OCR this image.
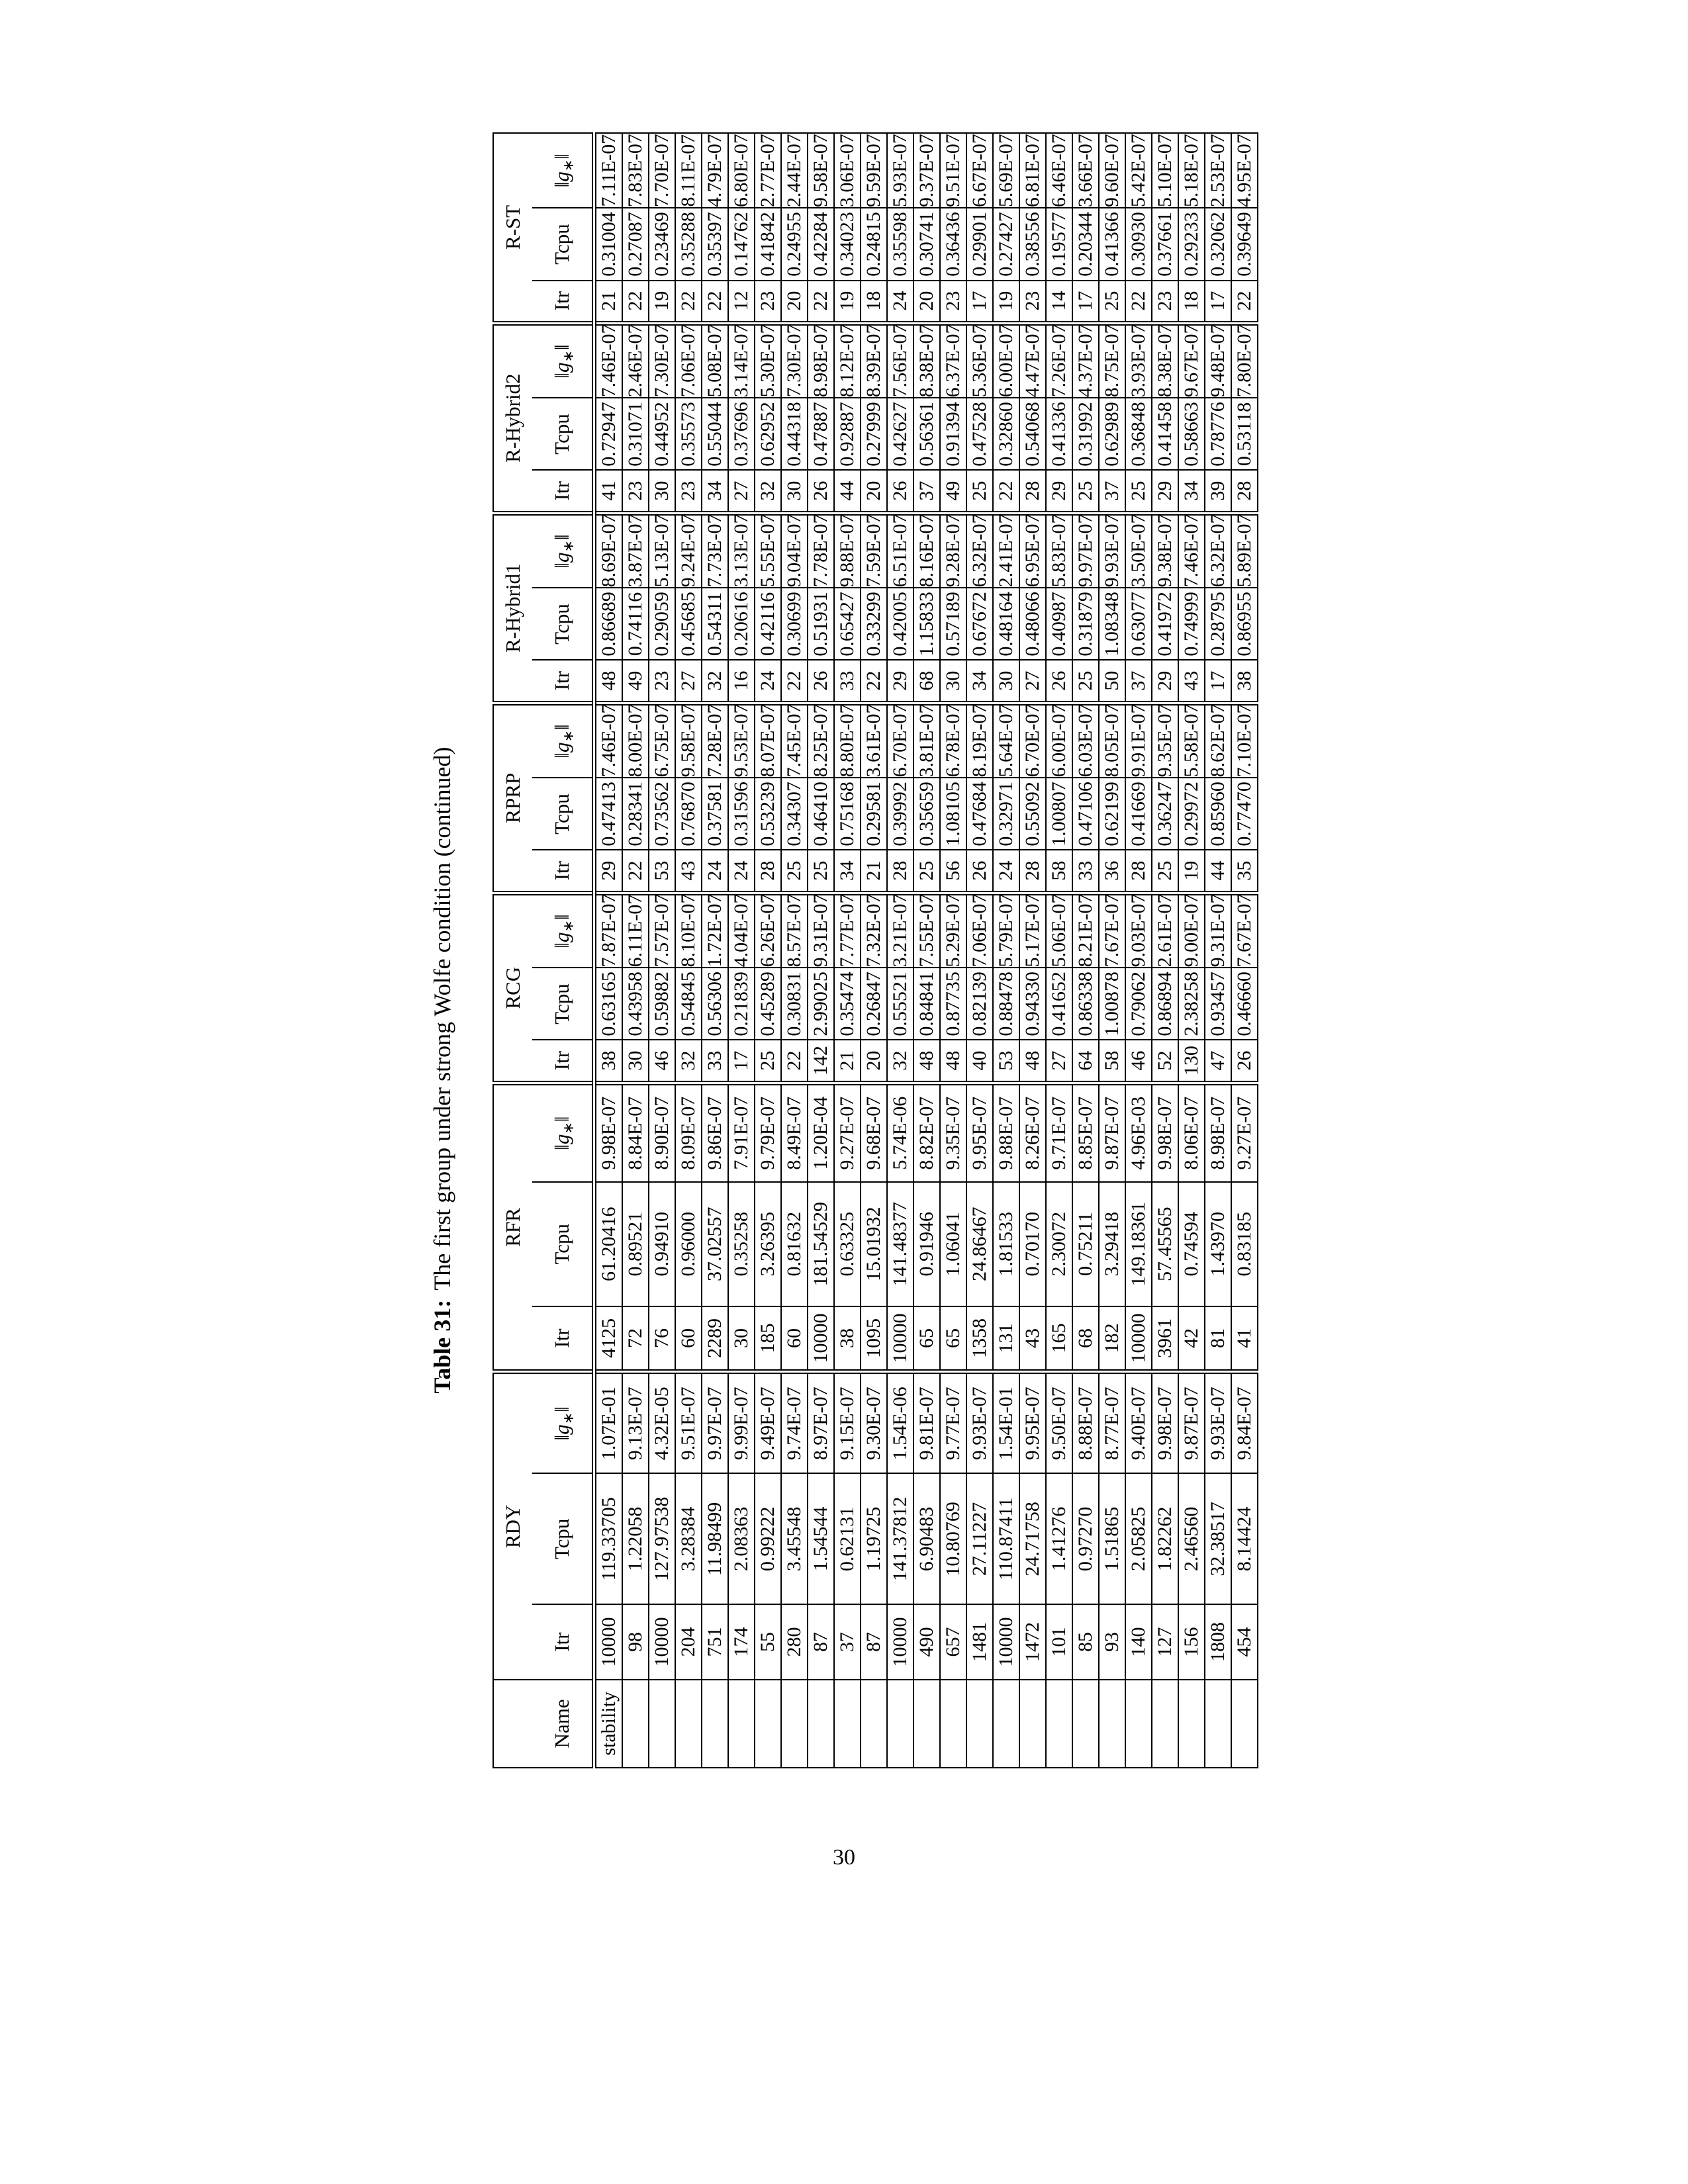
Table 31:
The first group under strong Wolfe condition (continued)
	RDY			RFR			RCG			RPRP			R-Hybrid1			R-Hybrid2			R-ST		
Name	Itr	Tcpu	$‖g_∗‖$	Itr	Tcpu	$‖g_∗‖$	Itr	Tcpu	$‖g_∗‖$	Itr	Tcpu	$‖g_∗‖$	Itr	Tcpu	$‖g_∗‖$	Itr	Tcpu	$‖g_∗‖$	Itr	Tcpu	$‖g_∗‖$
stability	10000	119.33705	1.07E-01	4125	61.20416	9.98E-07	38	0.63165	7.87E-07	29	0.47413	7.46E-07	48	0.86689	8.69E-07	41	0.72947	7.46E-07	21	0.31004	7.11E-07
	98	1.22058	9.13E-07	72	0.89521	8.84E-07	30	0.43958	6.11E-07	22	0.28341	8.00E-07	49	0.74116	3.87E-07	23	0.31071	2.46E-07	22	0.27087	7.83E-07
	10000	127.97538	4.32E-05	76	0.94910	8.90E-07	46	0.59882	7.57E-07	53	0.73562	6.75E-07	23	0.29059	5.13E-07	30	0.44952	7.30E-07	19	0.23469	7.70E-07
	204	3.28384	9.51E-07	60	0.96000	8.09E-07	32	0.54845	8.10E-07	43	0.76870	9.58E-07	27	0.45685	9.24E-07	23	0.35573	7.06E-07	22	0.35288	8.11E-07
	751	11.98499	9.97E-07	2289	37.02557	9.86E-07	33	0.56306	1.72E-07	24	0.37581	7.28E-07	32	0.54311	7.73E-07	34	0.55044	5.08E-07	22	0.35397	4.79E-07
	174	2.08363	9.99E-07	30	0.35258	7.91E-07	17	0.21839	4.04E-07	24	0.31596	9.53E-07	16	0.20616	3.13E-07	27	0.37696	3.14E-07	12	0.14762	6.80E-07
	55	0.99222	9.49E-07	185	3.26395	9.79E-07	25	0.45289	6.26E-07	28	0.53239	8.07E-07	24	0.42116	5.55E-07	32	0.62952	5.30E-07	23	0.41842	2.77E-07
	280	3.45548	9.74E-07	60	0.81632	8.49E-07	22	0.30831	8.57E-07	25	0.34307	7.45E-07	22	0.30699	9.04E-07	30	0.44318	7.30E-07	20	0.24955	2.44E-07
	87	1.54544	8.97E-07	10000	181.54529	1.20E-04	142	2.99025	9.31E-07	25	0.46410	8.25E-07	26	0.51931	7.78E-07	26	0.47887	8.98E-07	22	0.42284	9.58E-07
	37	0.62131	9.15E-07	38	0.63325	9.27E-07	21	0.35474	7.77E-07	34	0.75168	8.80E-07	33	0.65427	9.88E-07	44	0.92887	8.12E-07	19	0.34023	3.06E-07
	87	1.19725	9.30E-07	1095	15.01932	9.68E-07	20	0.26847	7.32E-07	21	0.29581	3.61E-07	22	0.33299	7.59E-07	20	0.27999	8.39E-07	18	0.24815	9.59E-07
	10000	141.37812	1.54E-06	10000	141.48377	5.74E-06	32	0.55521	3.21E-07	28	0.39992	6.70E-07	29	0.42005	6.51E-07	26	0.42627	7.56E-07	24	0.35598	5.93E-07
	490	6.90483	9.81E-07	65	0.91946	8.82E-07	48	0.84841	7.55E-07	25	0.35659	3.81E-07	68	1.15833	8.16E-07	37	0.56361	8.38E-07	20	0.30741	9.37E-07
	657	10.80769	9.77E-07	65	1.06041	9.35E-07	48	0.87735	5.29E-07	56	1.08105	6.78E-07	30	0.57189	9.28E-07	49	0.91394	6.37E-07	23	0.36436	9.51E-07
	1481	27.11227	9.93E-07	1358	24.86467	9.95E-07	40	0.82139	7.06E-07	26	0.47684	8.19E-07	34	0.67672	6.32E-07	25	0.47528	5.36E-07	17	0.29901	6.67E-07
	10000	110.87411	1.54E-01	131	1.81533	9.88E-07	53	0.88478	5.79E-07	24	0.32971	5.64E-07	30	0.48164	2.41E-07	22	0.32860	6.00E-07	19	0.27427	5.69E-07
	1472	24.71758	9.95E-07	43	0.70170	8.26E-07	48	0.94330	5.17E-07	28	0.55092	6.70E-07	27	0.48066	6.95E-07	28	0.54068	4.47E-07	23	0.38556	6.81E-07
	101	1.41276	9.50E-07	165	2.30072	9.71E-07	27	0.41652	5.06E-07	58	1.00807	6.00E-07	26	0.40987	5.83E-07	29	0.41336	7.26E-07	14	0.19577	6.46E-07
	85	0.97270	8.88E-07	68	0.75211	8.85E-07	64	0.86338	8.21E-07	33	0.47106	6.03E-07	25	0.31879	9.97E-07	25	0.31992	4.37E-07	17	0.20344	3.66E-07
	93	1.51865	8.77E-07	182	3.29418	9.87E-07	58	1.00878	7.67E-07	36	0.62199	8.05E-07	50	1.08348	9.93E-07	37	0.62989	8.75E-07	25	0.41366	9.60E-07
	140	2.05825	9.40E-07	10000	149.18361	4.96E-03	46	0.79062	9.03E-07	28	0.41669	9.91E-07	37	0.63077	3.50E-07	25	0.36848	3.93E-07	22	0.30930	5.42E-07
	127	1.82262	9.98E-07	3961	57.45565	9.98E-07	52	0.86894	2.61E-07	25	0.36247	9.35E-07	29	0.41972	9.38E-07	29	0.41458	8.38E-07	23	0.37661	5.10E-07
	156	2.46560	9.87E-07	42	0.74594	8.06E-07	130	2.38258	9.00E-07	19	0.29972	5.58E-07	43	0.74999	7.46E-07	34	0.58663	9.67E-07	18	0.29233	5.18E-07
	1808	32.38517	9.93E-07	81	1.43970	8.98E-07	47	0.93457	9.31E-07	44	0.85960	8.62E-07	17	0.28795	6.32E-07	39	0.78776	9.48E-07	17	0.32062	2.53E-07
	454	8.14424	9.84E-07	41	0.83185	9.27E-07	26	0.46660	7.67E-07	35	0.77470	7.10E-07	38	0.86955	5.89E-07	28	0.53118	7.80E-07	22	0.39649	4.95E-07
30
